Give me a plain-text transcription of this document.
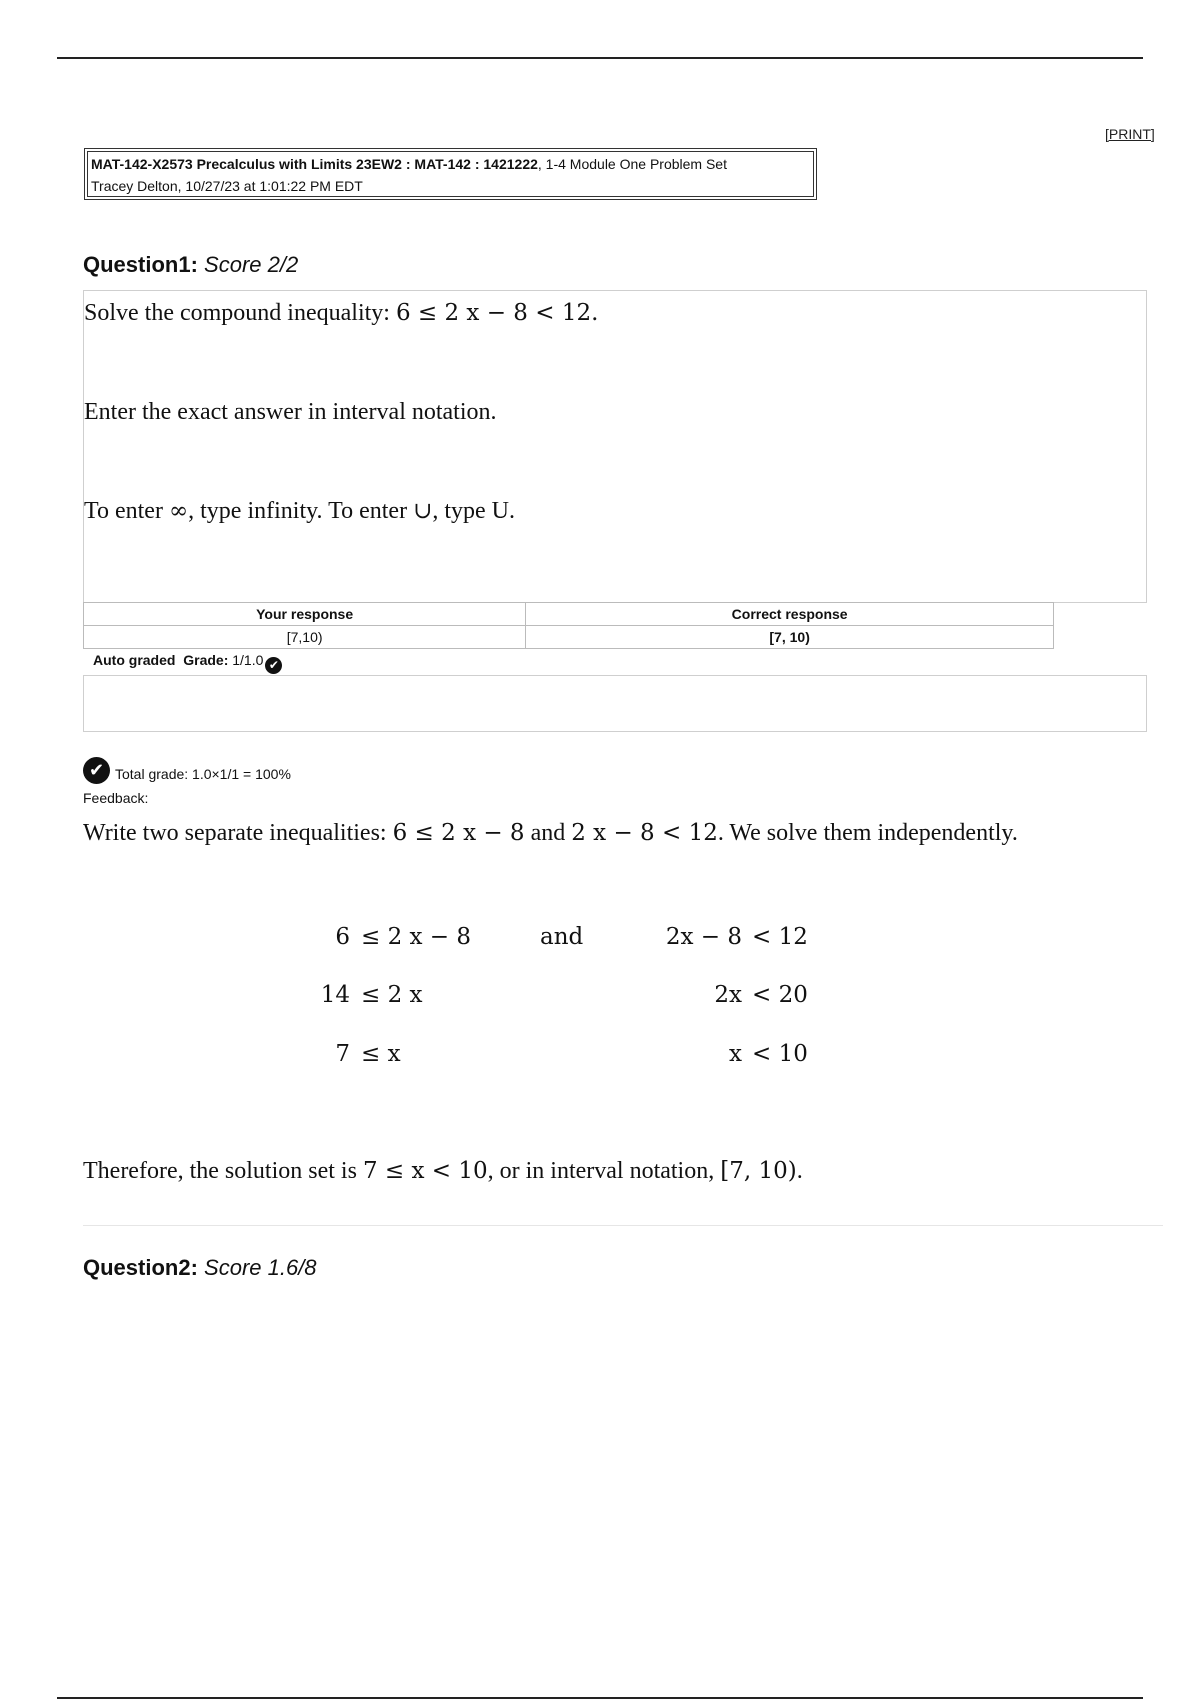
[PRINT]
MAT-142-X2573 Precalculus with Limits 23EW2 : MAT-142 : 1421222, 1-4 Module One Problem Set
Tracey Delton, 10/27/23 at 1:01:22 PM EDT
Question1: Score 2/2
Solve the compound inequality: 6 ≤ 2 x − 8 < 12.
Enter the exact answer in interval notation.
To enter ∞, type infinity. To enter ∪, type U.
Your response	Correct response
[7,10)	[7, 10)
Auto graded Grade: 1/1.0 ✔
✔ Total grade: 1.0×1/1 = 100%
Feedback:
Write two separate inequalities: 6 ≤ 2 x − 8 and 2 x − 8 < 12. We solve them independently.
6 ≤ 2 x − 8	and	2x − 8 < 12
14 ≤ 2 x	2x < 20
7 ≤ x	x < 10
Therefore, the solution set is 7 ≤ x < 10, or in interval notation, [7, 10).
Question2: Score 1.6/8
